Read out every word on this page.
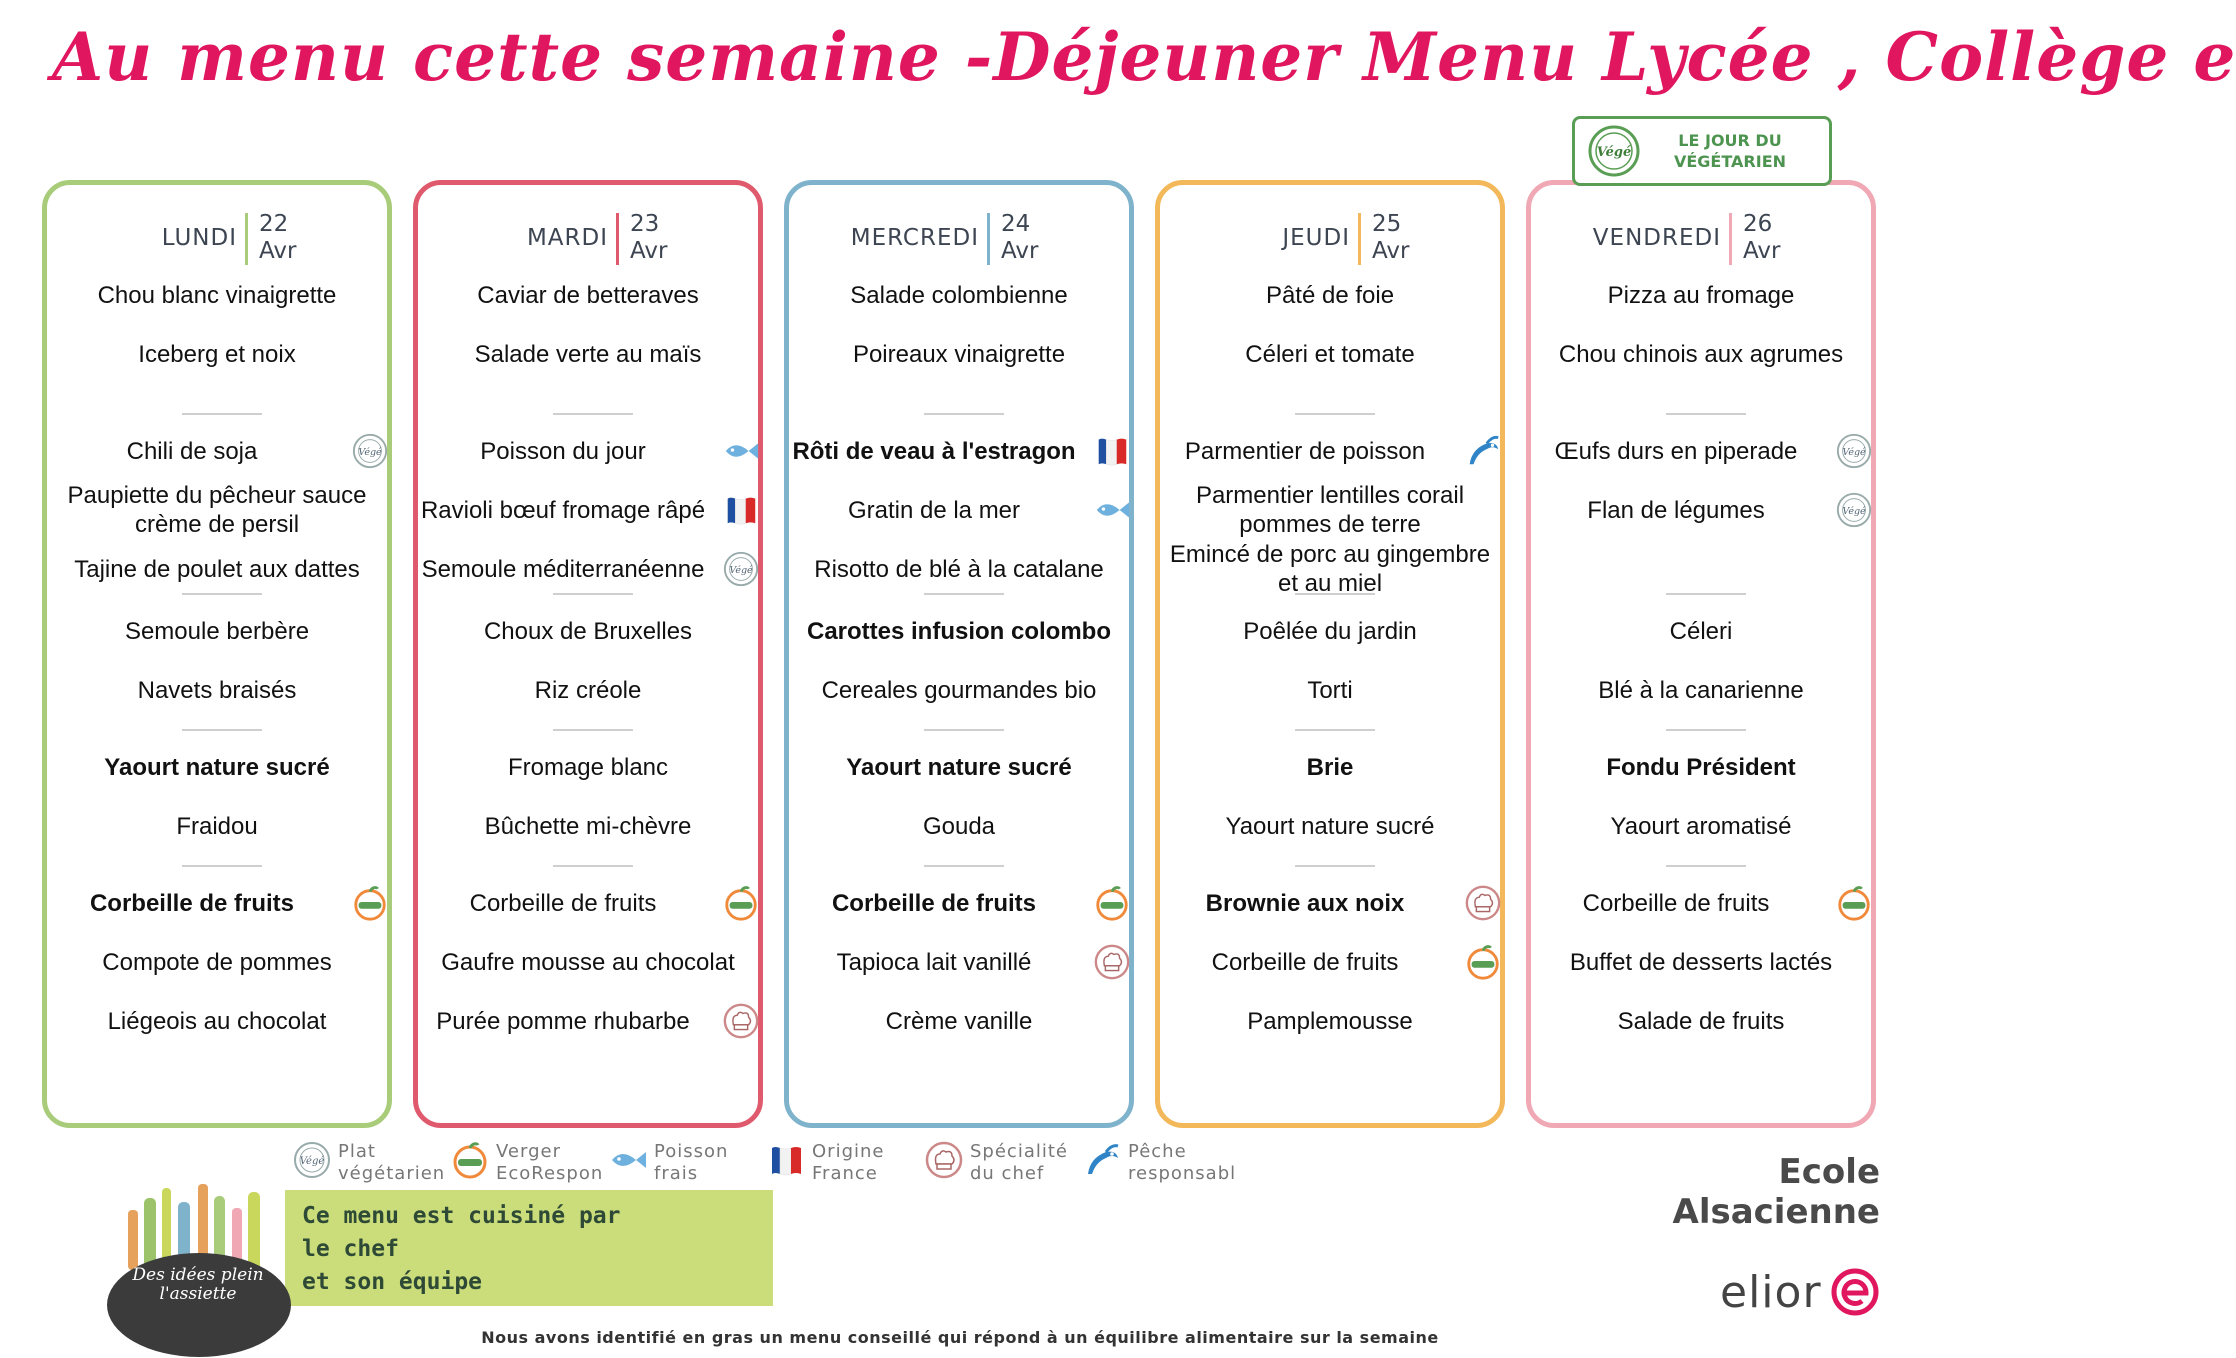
Au menu cette semaine -Déjeuner Menu Lycée , Collège e
Végé
LE JOUR DU VÉGÉTARIEN
LUNDI
22
Avr
Chou blanc vinaigrette
Iceberg et noix
Chili de soja	Végé
Paupiette du pêcheur sauce crème de persil
Tajine de poulet aux dattes
Semoule berbère
Navets braisés
Yaourt nature sucré
Fraidou
Corbeille de fruits
Compote de pommes
Liégeois au chocolat
MARDI
23
Avr
Caviar de betteraves
Salade verte au maïs
Poisson du jour
Ravioli bœuf fromage râpé
Semoule méditerranéenne	Végé
Choux de Bruxelles
Riz créole
Fromage blanc
Bûchette mi-chèvre
Corbeille de fruits
Gaufre mousse au chocolat
Purée pomme rhubarbe
MERCREDI
24
Avr
Salade colombienne
Poireaux vinaigrette
Rôti de veau à l'estragon
Gratin de la mer
Risotto de blé à la catalane
Carottes infusion colombo
Cereales gourmandes bio
Yaourt nature sucré
Gouda
Corbeille de fruits
Tapioca lait vanillé
Crème vanille
JEUDI
25
Avr
Pâté de foie
Céleri et tomate
Parmentier de poisson
Parmentier lentilles corail pommes de terre
Emincé de porc au gingembre et au miel
Poêlée du jardin
Torti
Brie
Yaourt nature sucré
Brownie aux noix
Corbeille de fruits
Pamplemousse
VENDREDI
26
Avr
Pizza au fromage
Chou chinois aux agrumes
Œufs durs en piperade	Végé
Flan de légumes	Végé
Céleri
Blé à la canarienne
Fondu Président
Yaourt aromatisé
Corbeille de fruits
Buffet de desserts lactés
Salade de fruits
Végé Plat
végétarien
Verger
EcoRespon
Poisson
frais
Origine
France
Spécialité
du chef
Pêche
responsabl	Ecole Alsacienne
Des idées plein l'assiette
Ce menu est cuisiné par
le chef
et son équipe	elior
Nous avons identifié en gras un menu conseillé qui répond à un équilibre alimentaire sur la semaine
